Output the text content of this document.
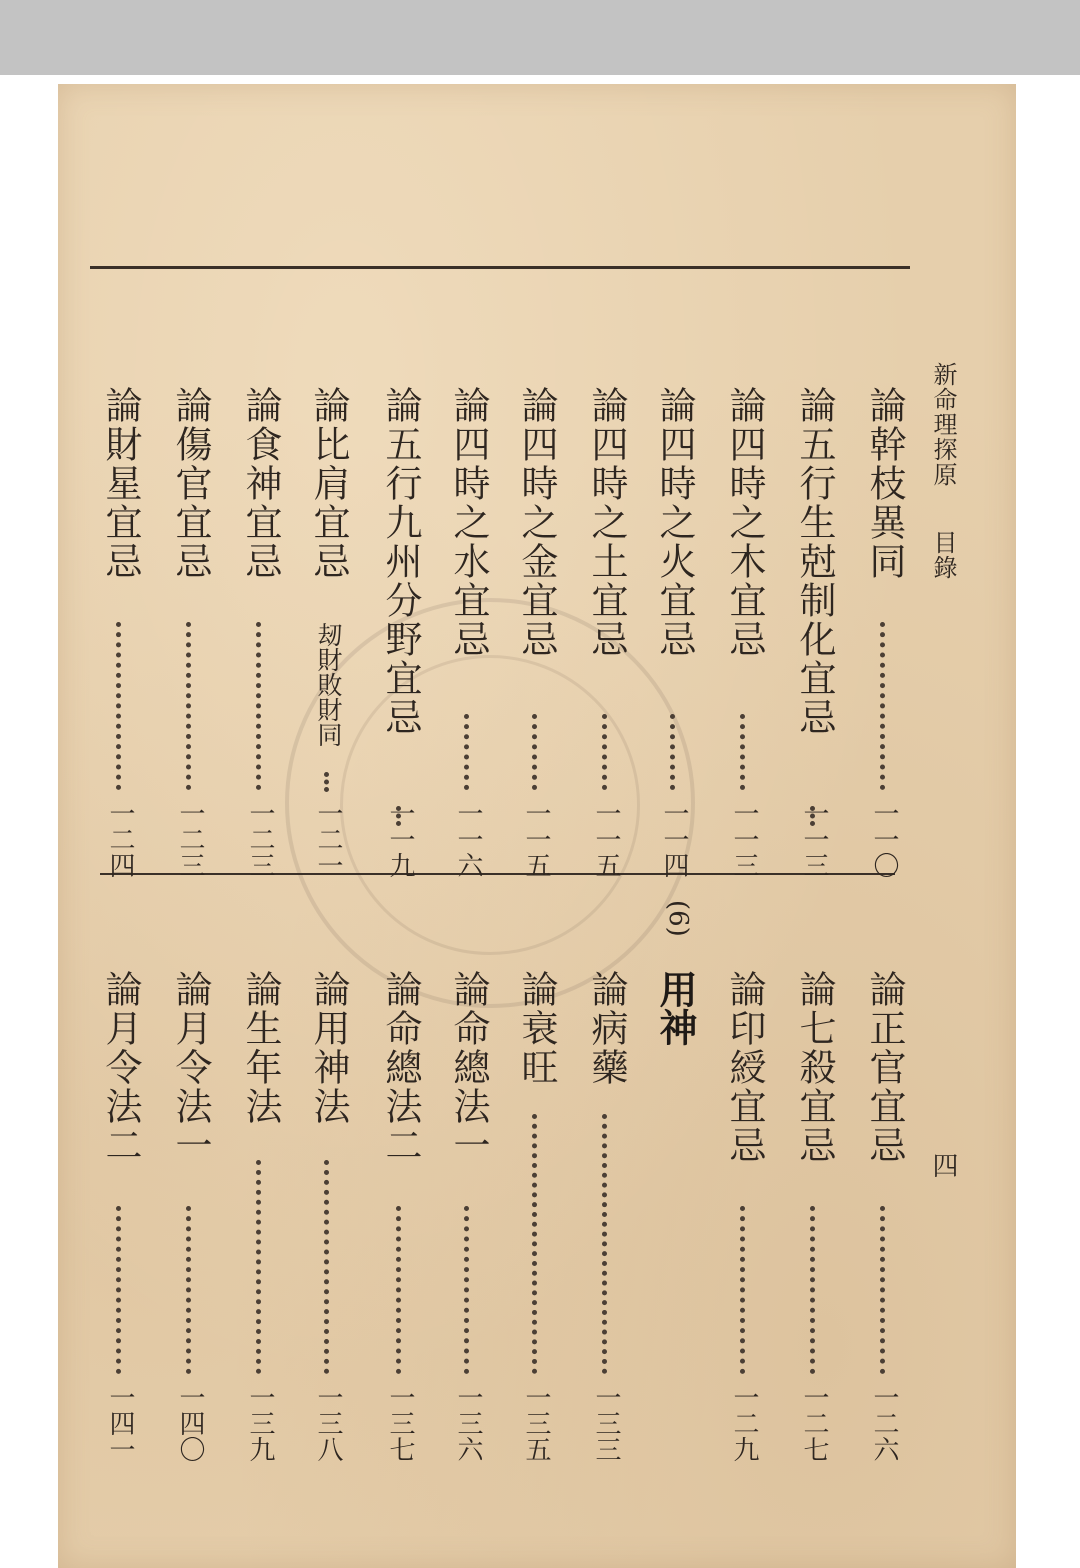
新命理探原
目錄
四
(6)
用神
論幹枝異同
一一〇
論五行生尅制化宜忌
一一三
論四時之木宜忌
一一三
論四時之火宜忌
一一四
論四時之土宜忌
一一五
論四時之金宜忌
一一五
論四時之水宜忌
一一六
論五行九州分野宜忌
一一九
論比肩宜忌
一二一
刼財敗財同
論食神宜忌
一二三
論傷官宜忌
一二三
論財星宜忌
一二四
論正官宜忌
一二六
論七殺宜忌
一二七
論印綬宜忌
一二九
論病藥
一三三
論衰旺
一三五
論命總法一
一三六
論命總法二
一三七
論用神法
一三八
論生年法
一三九
論月令法一
一四〇
論月令法二
一四一
